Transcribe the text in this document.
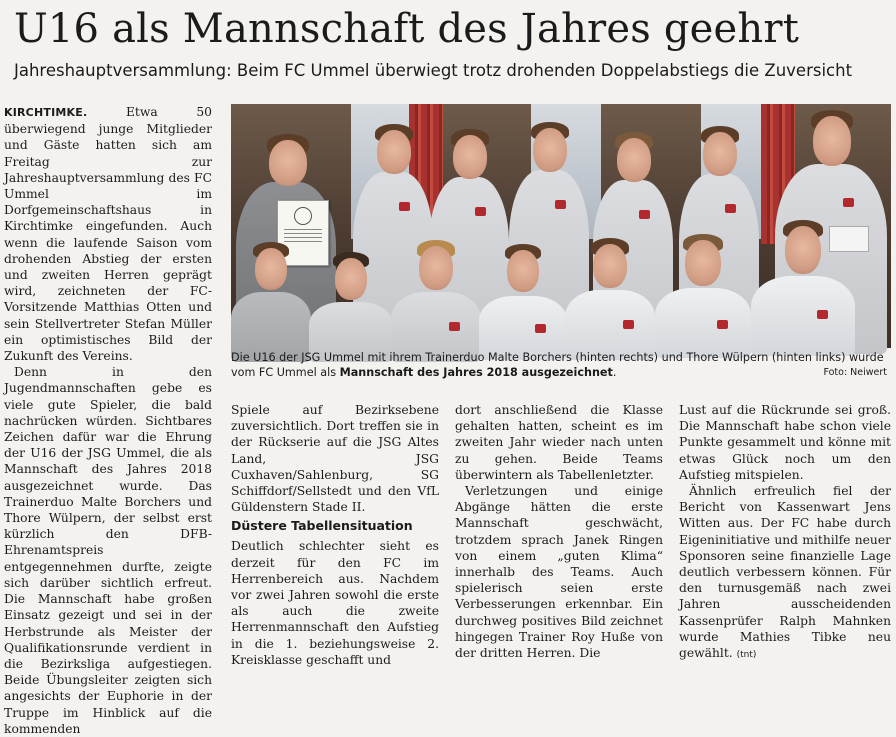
U16 als Mannschaft des Jahres geehrt
Jahreshauptversammlung: Beim FC Ummel überwiegt trotz drohenden Doppelabstiegs die Zuversicht

KIRCHTIMKE.	Etwa 50 überwiegend junge Mitglieder und Gäste hatten sich am Freitag zur Jahreshauptversammlung des FC Ummel im Dorfgemeinschaftshaus in Kirchtimke eingefunden. Auch wenn die laufende Saison vom drohenden Abstieg der ersten und zweiten Herren geprägt wird, zeichneten der FC-Vorsitzende Matthias Otten und sein Stellvertreter Stefan Müller ein optimistisches Bild der Zukunft des Vereins.

Denn in den Jugendmannschaften gebe es viele gute Spieler, die bald nachrücken würden. Sichtbares Zeichen dafür war die Ehrung der U16 der JSG Ummel, die als Mannschaft des Jahres 2018 ausgezeichnet wurde. Das Trainerduo Malte Borchers und Thore Wülpern, der selbst erst kürzlich den DFB-Ehrenamtspreis entgegennehmen durfte, zeigte sich darüber sichtlich erfreut. Die Mannschaft habe großen Einsatz gezeigt und sei in der Herbstrunde als Meister der Qualifikationsrunde verdient in die Bezirksliga aufgestiegen. Beide Übungsleiter zeigten sich angesichts der Euphorie in der Truppe im Hinblick auf die kommenden

Die U16 der JSG Ummel mit ihrem Trainerduo Malte Borchers (hinten rechts) und Thore Wülpern (hinten links) wurde vom FC Ummel als Mannschaft des Jahres 2018 ausgezeichnet.	Foto: Neiwert

Spiele auf Bezirksebene zuversichtlich. Dort treffen sie in der Rückserie auf die JSG Altes Land, JSG Cuxhaven/Sahlenburg, SG Schiffdorf/Sellstedt und den VfL Güldenstern Stade II.

Düstere Tabellensituation

Deutlich schlechter sieht es derzeit für den FC im Herrenbereich aus. Nachdem vor zwei Jahren sowohl die erste als auch die zweite Herrenmannschaft den Aufstieg in die 1. beziehungsweise 2. Kreisklasse geschafft und

dort anschließend die Klasse gehalten hatten, scheint es im zweiten Jahr wieder nach unten zu gehen. Beide Teams überwintern als Tabellenletzter.

Verletzungen und einige Abgänge hätten die erste Mannschaft geschwächt, trotzdem sprach Janek Ringen von einem „guten Klima“ innerhalb des Teams. Auch spielerisch seien erste Verbesserungen erkennbar. Ein durchweg positives Bild zeichnet hingegen Trainer Roy Huße von der dritten Herren. Die

Lust auf die Rückrunde sei groß. Die Mannschaft habe schon viele Punkte gesammelt und könne mit etwas Glück noch um den Aufstieg mitspielen.

Ähnlich erfreulich fiel der Bericht von Kassenwart Jens Witten aus. Der FC habe durch Eigeninitiative und mithilfe neuer Sponsoren seine finanzielle Lage deutlich verbessern können. Für den turnusgemäß nach zwei Jahren ausscheidenden Kassenprüfer Ralph Mahnken wurde Mathies Tibke neu gewählt. (tnt)
